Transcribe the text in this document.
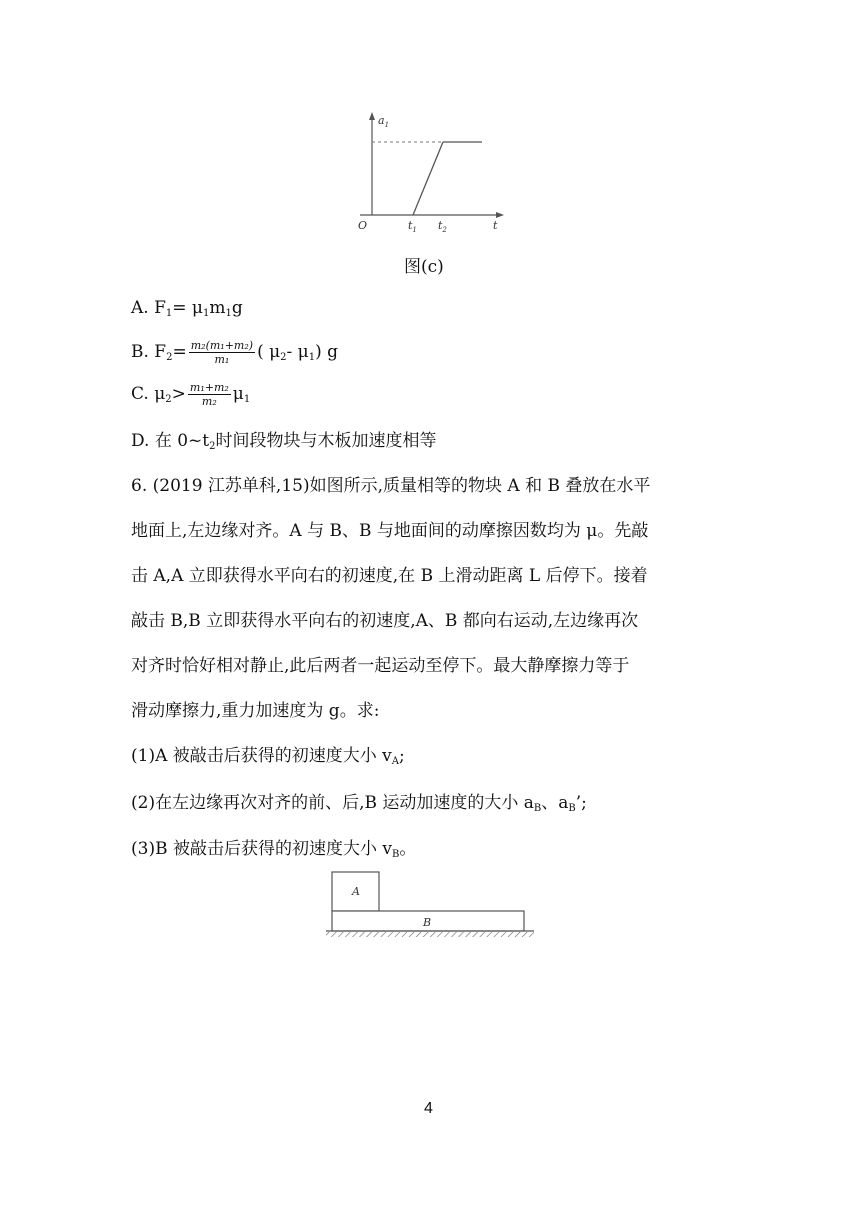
$a_1$
O	$t_1$ $t_2$	t
图(c)
A. $F_1= \mu_1m_1g$
B. $F_2= \frac{\text{m₂(m₁+m₂)}}{\text{m₁}}$ ( $\mu_2-$ $\mu_1$) g
C. $\mu_2> \frac{\text{m₁+m₂}}{\text{m₂}} \mu_1$
D. 在 $0\sim t_2$时间段物块与木板加速度相等
6. (2019 江苏单科,15)如图所示,质量相等的物块 A 和 B 叠放在水平
地面上,左边缘对齐。A 与 B、B 与地面间的动摩擦因数均为 μ。先敲
击 A,A 立即获得水平向右的初速度,在 B 上滑动距离 L 后停下。接着
敲击 B,B 立即获得水平向右的初速度,A、B 都向右运动,左边缘再次
对齐时恰好相对静止,此后两者一起运动至停下。最大静摩擦力等于
滑动摩擦力,重力加速度为 g。求:
(1)A 被敲击后获得的初速度大小 $v_A$;
(2)在左边缘再次对齐的前、后,B 运动加速度的大小 $a_B$、$a_B$’;
(3)B 被敲击后获得的初速度大小 $v_B$。
A
B
4
